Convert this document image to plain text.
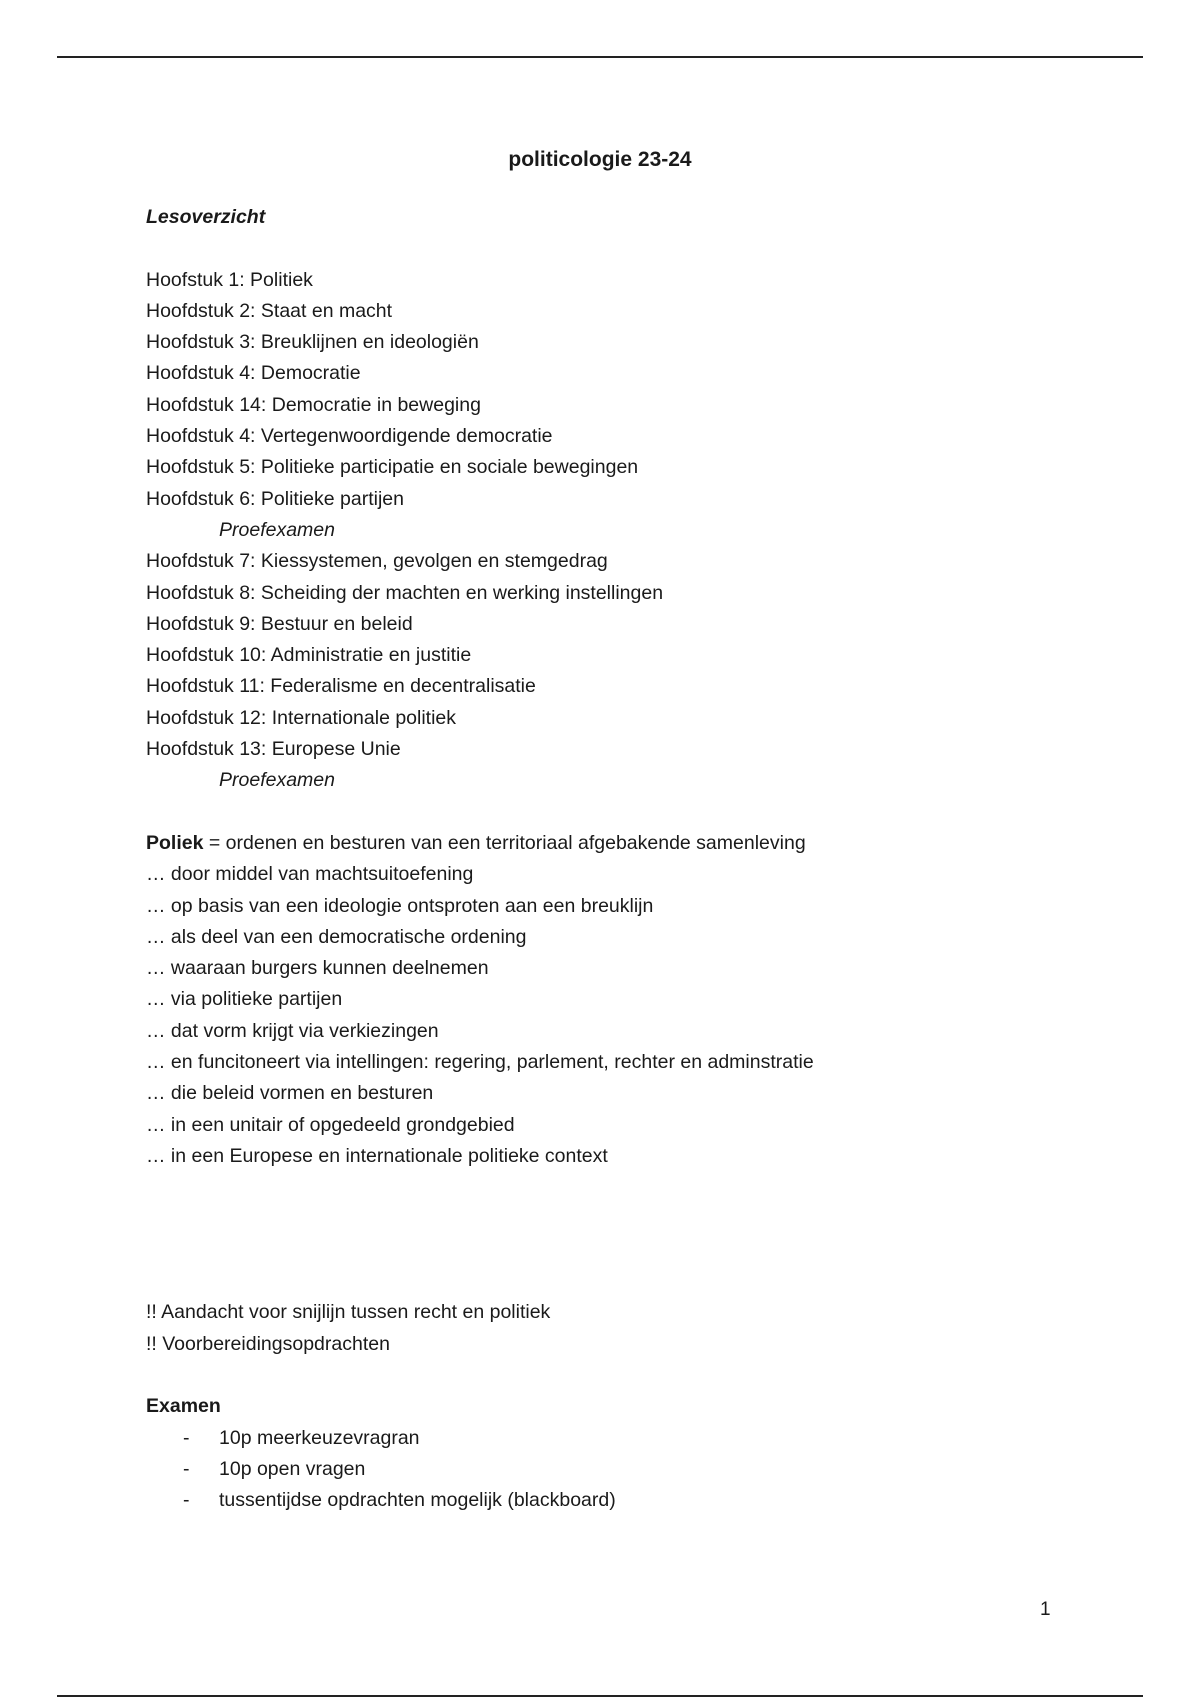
politicologie 23-24

Lesoverzicht

Hoofstuk 1: Politiek

Hoofdstuk 2: Staat en macht

Hoofdstuk 3: Breuklijnen en ideologiën

Hoofdstuk 4: Democratie

Hoofdstuk 14: Democratie in beweging

Hoofdstuk 4: Vertegenwoordigende democratie

Hoofdstuk 5: Politieke participatie en sociale bewegingen

Hoofdstuk 6: Politieke partijen

Proefexamen

Hoofdstuk 7: Kiessystemen, gevolgen en stemgedrag

Hoofdstuk 8: Scheiding der machten en werking instellingen

Hoofdstuk 9: Bestuur en beleid

Hoofdstuk 10: Administratie en justitie

Hoofdstuk 11: Federalisme en decentralisatie

Hoofdstuk 12: Internationale politiek

Hoofdstuk 13: Europese Unie

Proefexamen

Poliek = ordenen en besturen van een territoriaal afgebakende samenleving

… door middel van machtsuitoefening

… op basis van een ideologie ontsproten aan een breuklijn

… als deel van een democratische ordening

… waaraan burgers kunnen deelnemen

… via politieke partijen

… dat vorm krijgt via verkiezingen

… en funcitoneert via intellingen: regering, parlement, rechter en adminstratie

… die beleid vormen en besturen

… in een unitair of opgedeeld grondgebied

… in een Europese en internationale politieke context

!! Aandacht voor snijlijn tussen recht en politiek

!! Voorbereidingsopdrachten

Examen

- 10p meerkeuzevragran
- 10p open vragen
- tussentijdse opdrachten mogelijk (blackboard)
1
